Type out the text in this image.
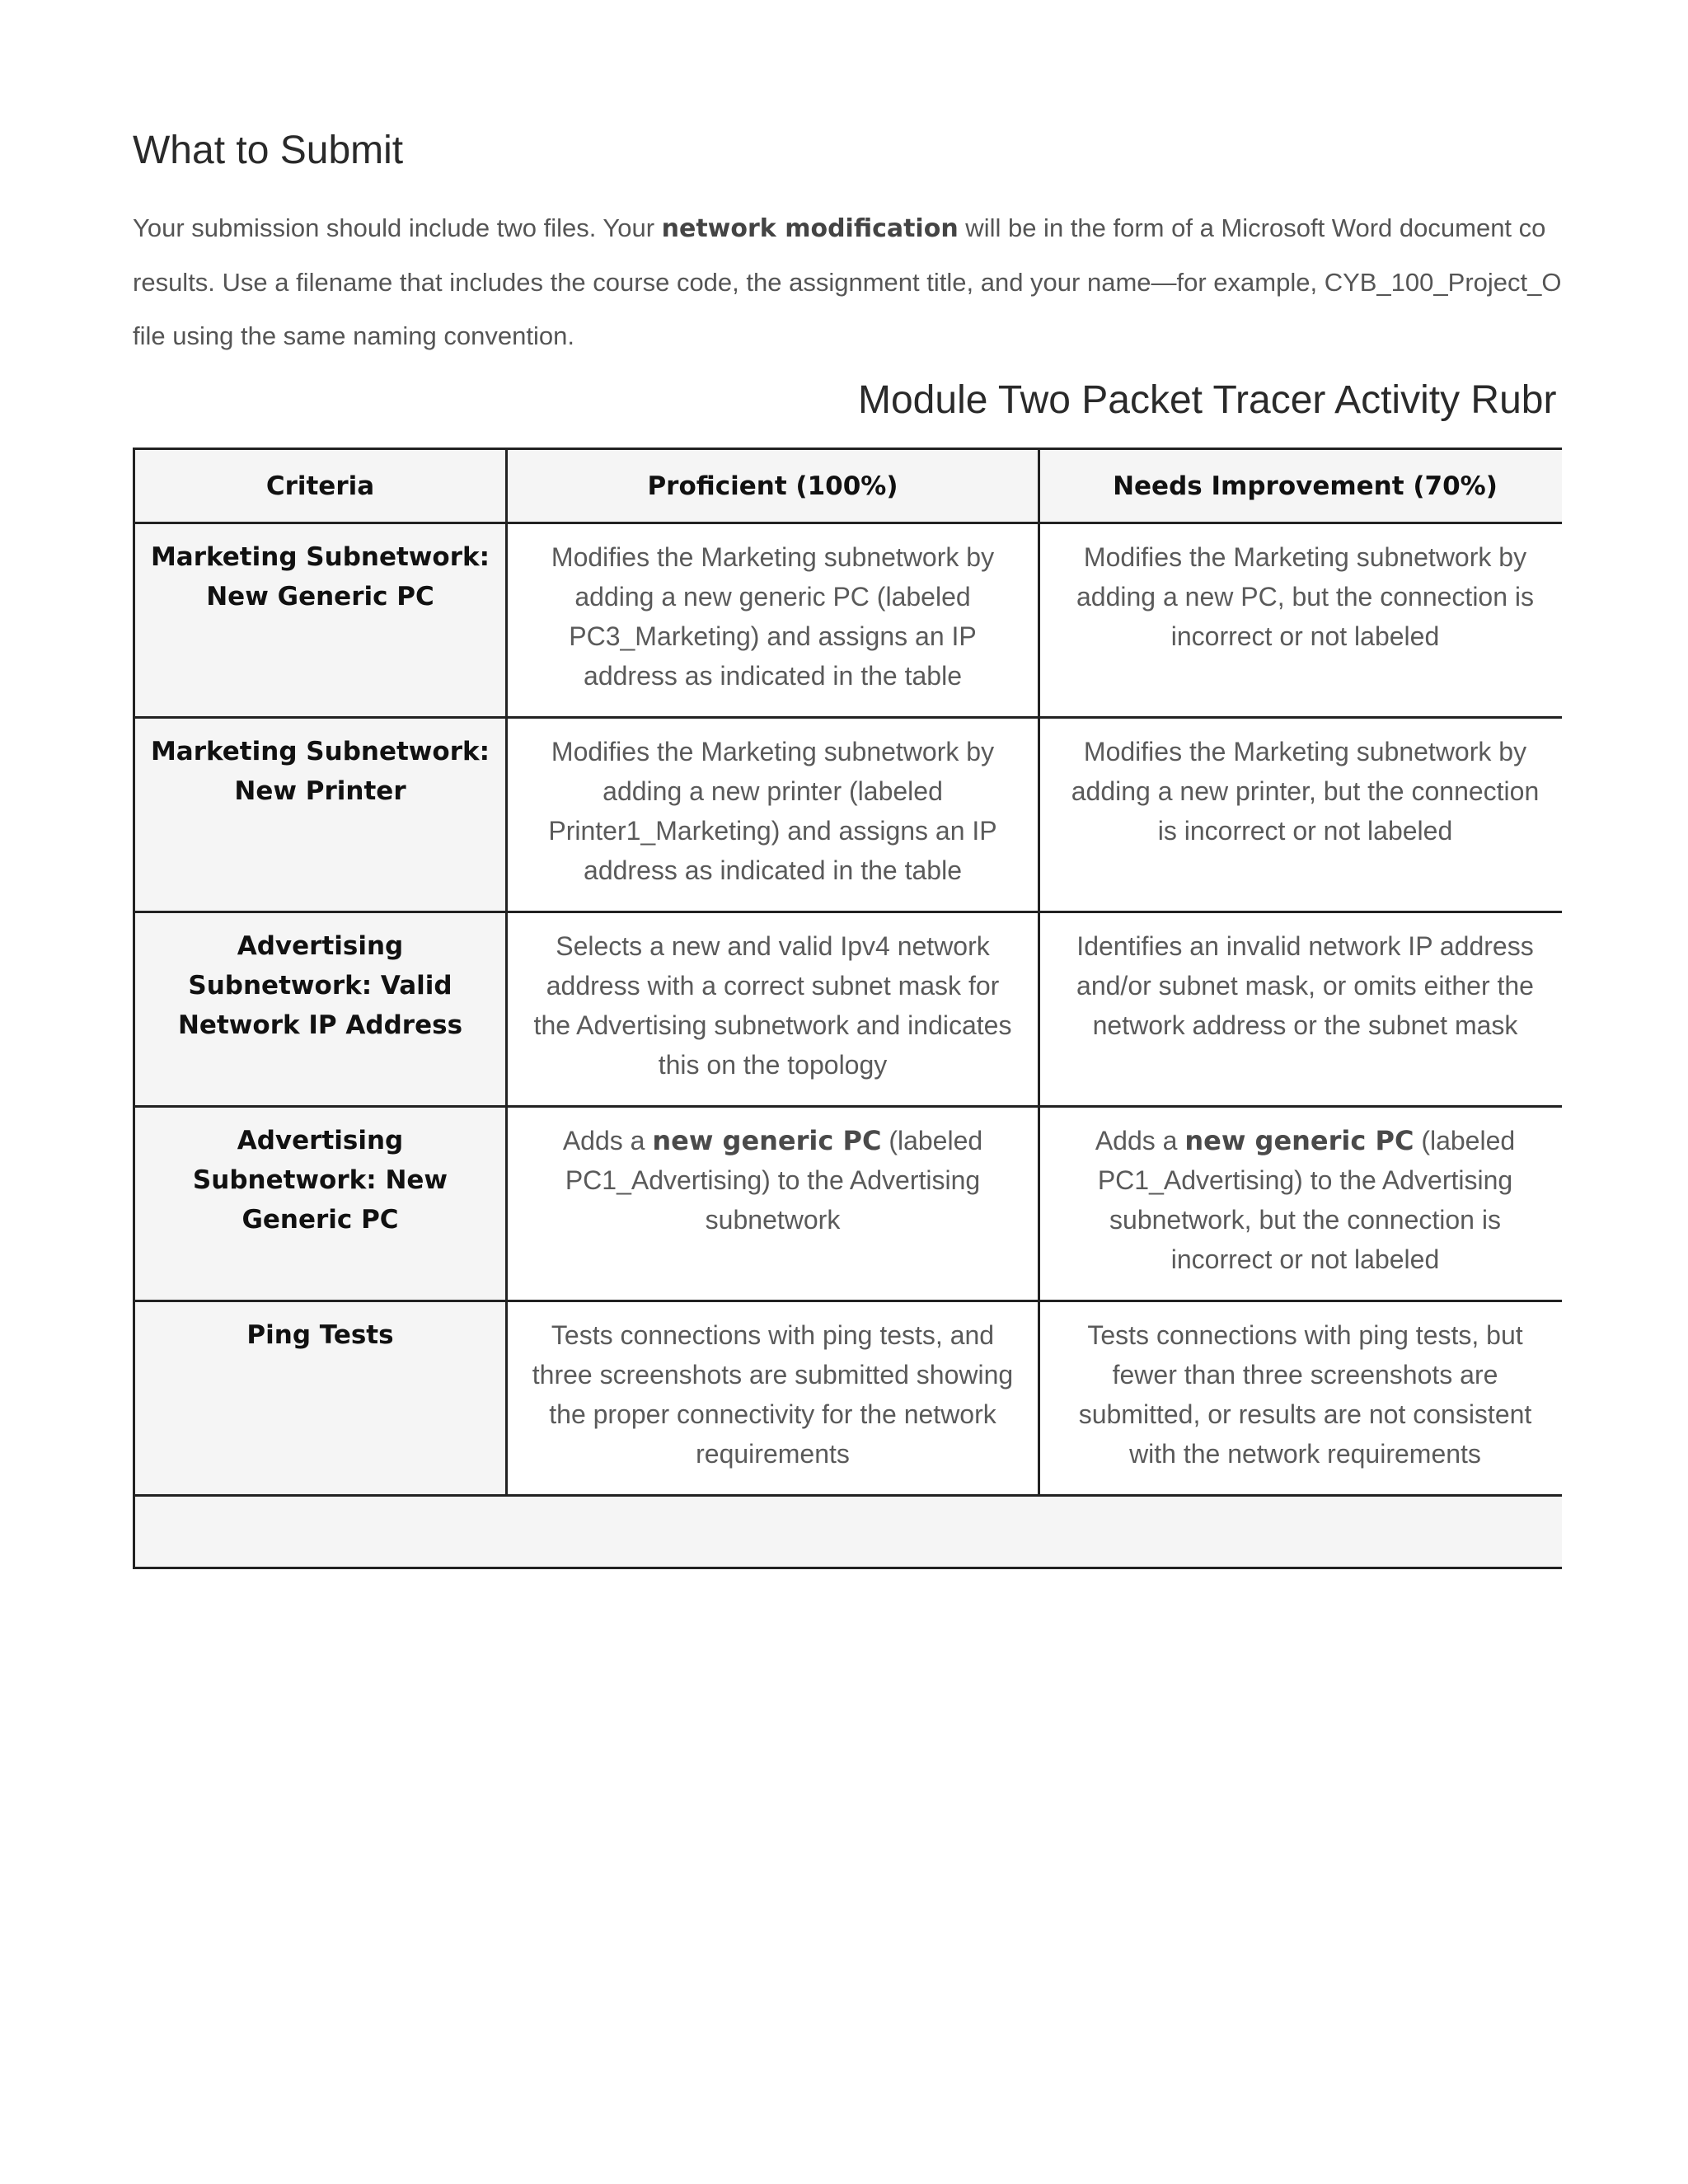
What to Submit

Your submission should include two files. Your network modification will be in the form of a Microsoft Word document co

results. Use a filename that includes the course code, the assignment title, and your name—for example, CYB_100_Project_O

file using the same naming convention.

Module Two Packet Tracer Activity Rubr
Criteria	Proficient (100%)	Needs Improvement (70%)	

Marketing Subnetwork: New Generic PC	Modifies the Marketing subnetwork by adding a new generic PC (labeled PC3_Marketing) and assigns an IP address as indicated in the table	Modifies the Marketing subnetwork by adding a new PC, but the connection is incorrect or not labeled	

Marketing Subnetwork: New Printer	Modifies the Marketing subnetwork by adding a new printer (labeled Printer1_Marketing) and assigns an IP address as indicated in the table	Modifies the Marketing subnetwork by adding a new printer, but the connection is incorrect or not labeled	

Advertising Subnetwork: Valid Network IP Address	Selects a new and valid Ipv4 network address with a correct subnet mask for the Advertising subnetwork and indicates this on the topology	Identifies an invalid network IP address and/or subnet mask, or omits either the network address or the subnet mask	

Advertising Subnetwork: New Generic PC	Adds a new generic PC (labeled PC1_Advertising) to the Advertising subnetwork	Adds a new generic PC (labeled PC1_Advertising) to the Advertising subnetwork, but the connection is incorrect or not labeled	

Ping Tests	Tests connections with ping tests, and three screenshots are submitted showing the proper connectivity for the network requirements	Tests connections with ping tests, but fewer than three screenshots are submitted, or results are not consistent with the network requirements	
